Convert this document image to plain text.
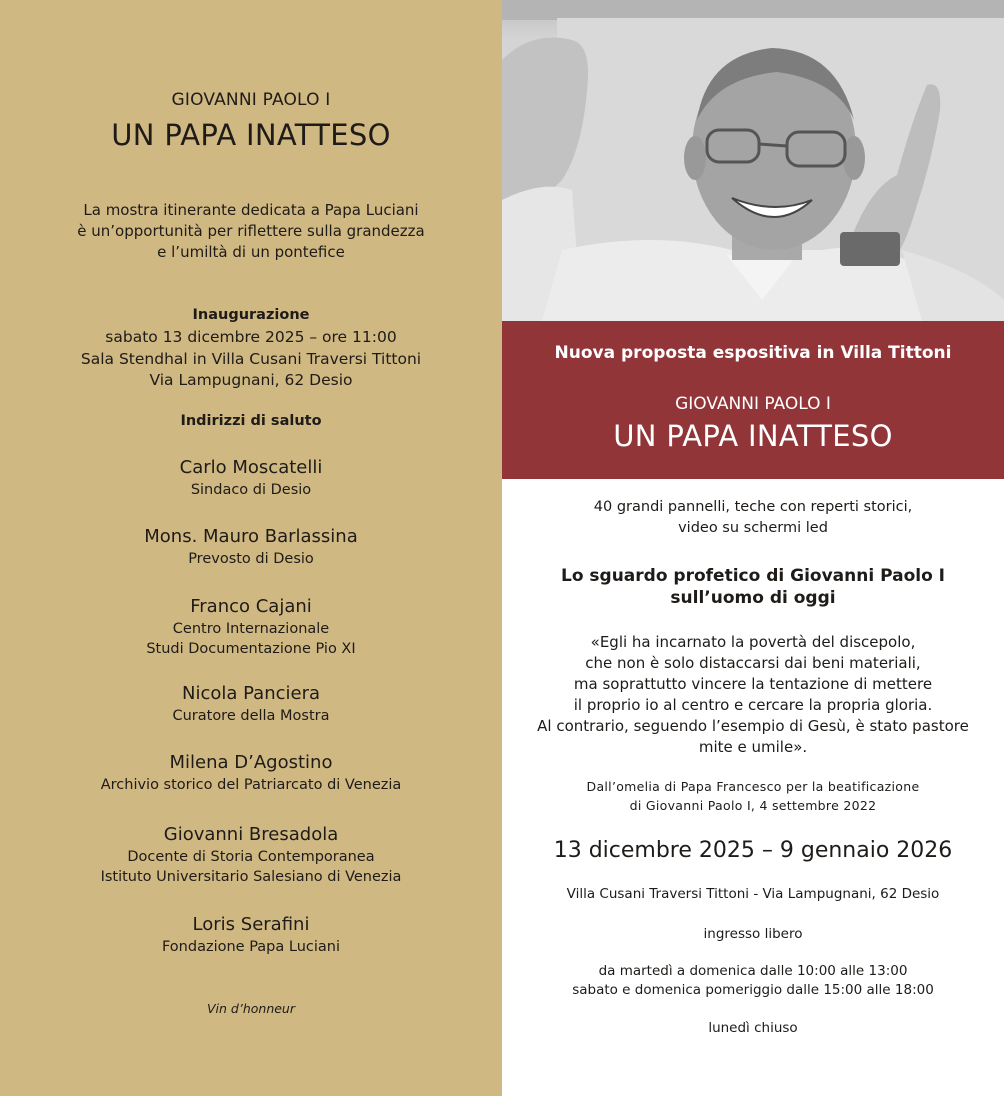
GIOVANNI PAOLO I
UN PAPA INATTESO
La mostra itinerante dedicata a Papa Luciani
è un’opportunità per riflettere sulla grandezza
e l’umiltà di un pontefice
Inaugurazione
sabato 13 dicembre 2025 – ore 11:00
Sala Stendhal in Villa Cusani Traversi Tittoni
Via Lampugnani, 62 Desio
Indirizzi di saluto
Carlo Moscatelli
Sindaco di Desio
Mons. Mauro Barlassina
Prevosto di Desio
Franco Cajani
Centro Internazionale
Studi Documentazione Pio XI
Nicola Panciera
Curatore della Mostra
Milena D’Agostino
Archivio storico del Patriarcato di Venezia
Giovanni Bresadola
Docente di Storia Contemporanea
Istituto Universitario Salesiano di Venezia
Loris Serafini
Fondazione Papa Luciani
Vin d’honneur
Nuova proposta espositiva in Villa Tittoni
GIOVANNI PAOLO I
UN PAPA INATTESO
40 grandi pannelli, teche con reperti storici,
video su schermi led
Lo sguardo profetico di Giovanni Paolo I
sull’uomo di oggi
«Egli ha incarnato la povertà del discepolo,
che non è solo distaccarsi dai beni materiali,
ma soprattutto vincere la tentazione di mettere
il proprio io al centro e cercare la propria gloria.
Al contrario, seguendo l’esempio di Gesù, è stato pastore
mite e umile».
Dall’omelia di Papa Francesco per la beatificazione
di Giovanni Paolo I, 4 settembre 2022
13 dicembre 2025 – 9 gennaio 2026
Villa Cusani Traversi Tittoni - Via Lampugnani, 62 Desio
ingresso libero
da martedì a domenica dalle 10:00 alle 13:00
sabato e domenica pomeriggio dalle 15:00 alle 18:00
lunedì chiuso
